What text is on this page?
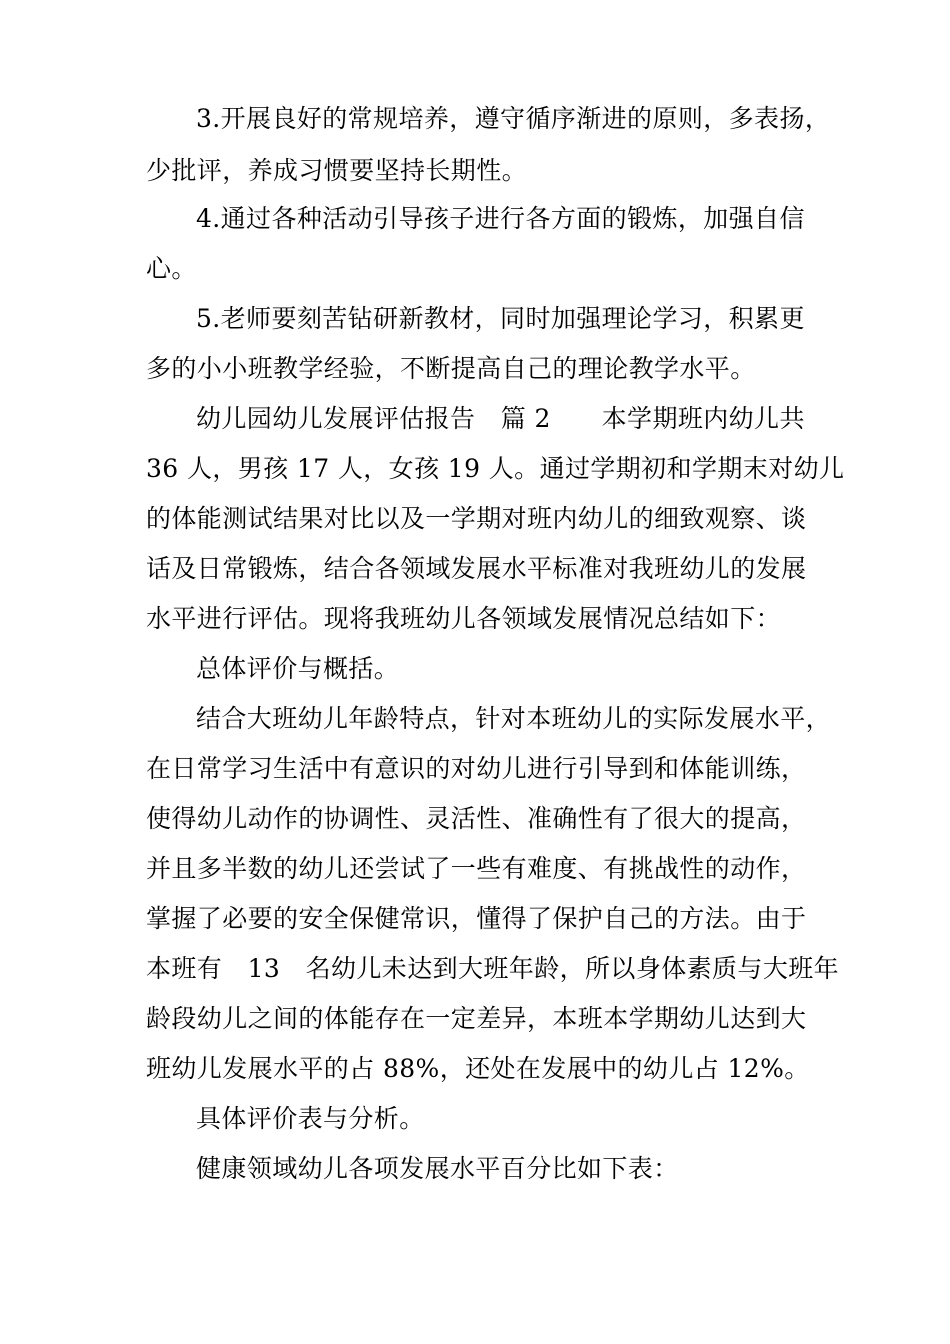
3.开展良好的常规培养，遵守循序渐进的原则，多表扬，
少批评，养成习惯要坚持长期性。
4.通过各种活动引导孩子进行各方面的锻炼，加强自信
心。
5.老师要刻苦钻研新教材，同时加强理论学习，积累更
多的小小班教学经验，不断提高自己的理论教学水平。
幼儿园幼儿发展评估报告　篇 2　　本学期班内幼儿共
36 人，男孩 17 人，女孩 19 人。通过学期初和学期末对幼儿
的体能测试结果对比以及一学期对班内幼儿的细致观察、谈
话及日常锻炼，结合各领域发展水平标准对我班幼儿的发展
水平进行评估。现将我班幼儿各领域发展情况总结如下：
总体评价与概括。
结合大班幼儿年龄特点，针对本班幼儿的实际发展水平，
在日常学习生活中有意识的对幼儿进行引导到和体能训练，
使得幼儿动作的协调性、灵活性、准确性有了很大的提高，
并且多半数的幼儿还尝试了一些有难度、有挑战性的动作，
掌握了必要的安全保健常识，懂得了保护自己的方法。由于
本班有　13　名幼儿未达到大班年龄，所以身体素质与大班年
龄段幼儿之间的体能存在一定差异，本班本学期幼儿达到大
班幼儿发展水平的占 88%，还处在发展中的幼儿占 12%。
具体评价表与分析。
健康领域幼儿各项发展水平百分比如下表：
